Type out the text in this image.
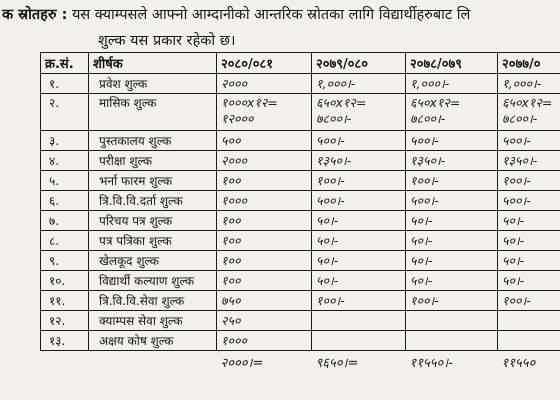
क स्रोतहरु : यस क्याम्पसले आफ्नो आम्दानीको आन्तरिक स्रोतका लागि विद्यार्थीहरुबाट लि
शुल्क यस प्रकार रहेको छ।
क्र.सं.	शीर्षक	२०८०/०८१	२०७९/०८०	२०७८/०७९	२०७७/०
१.	प्रवेश शुल्क	२०००	१,०००।-	१,०००।-	१,०००।-
२.	मासिक शुल्क	१०००x१२= १२०००	६५०x१२= ७८००।-	६५०x१२= ७८००।-	६५०x१२= ७८००।-
३.	पुस्तकालय शुल्क	५००	५००।-	५००।-	५००।-
४.	परीक्षा शुल्क	२०००	१३५०।-	१३५०।-	१३५०।-
५.	भर्ना फारम शुल्क	१००	१००।-	१००।-	१००।-
६.	त्रि.वि.वि.दर्ता शुल्क	१०००	५००।-	५००।-	५००।-
७.	परिचय पत्र शुल्क	१००	५०।-	५०।-	५०।-
८.	पत्र पत्रिका शुल्क	१००	५०।-	५०।-	५०।-
९.	खेलकूद शुल्क	१००	५०।-	५०।-	५०।-
१०.	विद्यार्थी कल्याण शुल्क	१००	५०।-	५०।-	५०।-
११.	त्रि.वि.वि.सेवा शुल्क	७५०	१००।-	१००।-	१००।-
१२.	क्याम्पस सेवा शुल्क	२५०			
१३.	अक्षय कोष शुल्क	१०००			
		२०००।=	९६५०।=	११५५०।-	११५५०
